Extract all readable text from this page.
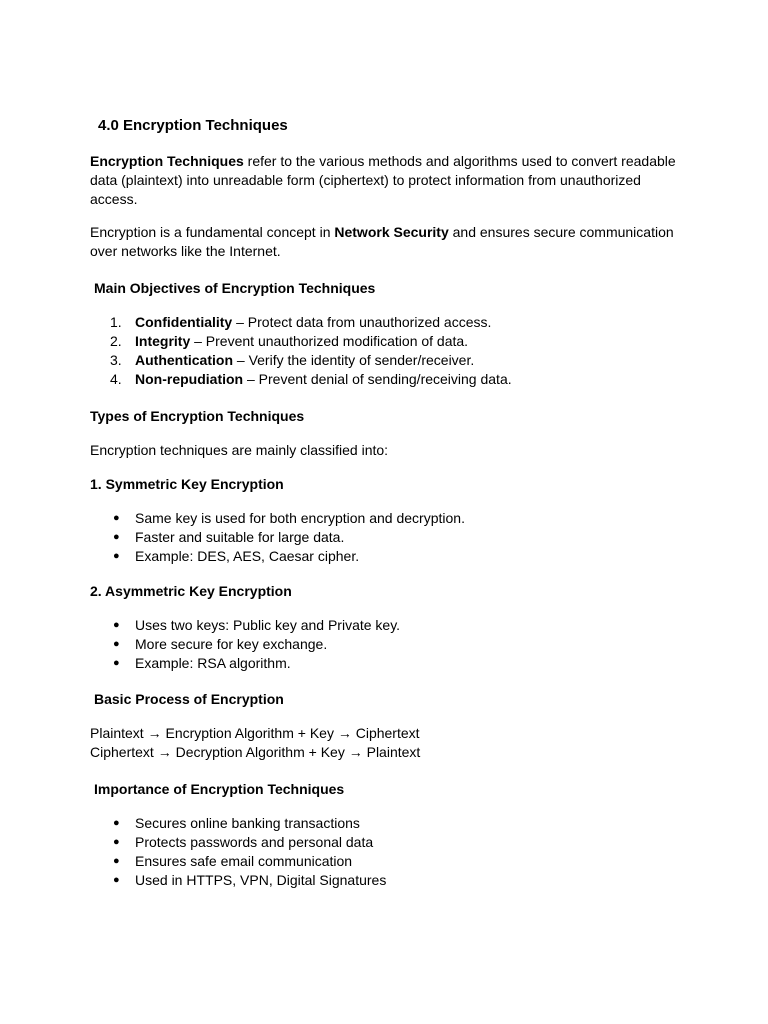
4.0 Encryption Techniques
Encryption Techniques refer to the various methods and algorithms used to convert readable data (plaintext) into unreadable form (ciphertext) to protect information from unauthorized access.
Encryption is a fundamental concept in Network Security and ensures secure communication over networks like the Internet.
Main Objectives of Encryption Techniques
1. Confidentiality – Protect data from unauthorized access.
2. Integrity – Prevent unauthorized modification of data.
3. Authentication – Verify the identity of sender/receiver.
4. Non-repudiation – Prevent denial of sending/receiving data.
Types of Encryption Techniques
Encryption techniques are mainly classified into:
1. Symmetric Key Encryption
● Same key is used for both encryption and decryption.
● Faster and suitable for large data.
● Example: DES, AES, Caesar cipher.
2. Asymmetric Key Encryption
● Uses two keys: Public key and Private key.
● More secure for key exchange.
● Example: RSA algorithm.
Basic Process of Encryption
Plaintext → Encryption Algorithm + Key → Ciphertext
Ciphertext → Decryption Algorithm + Key → Plaintext
Importance of Encryption Techniques
● Secures online banking transactions
● Protects passwords and personal data
● Ensures safe email communication
● Used in HTTPS, VPN, Digital Signatures
